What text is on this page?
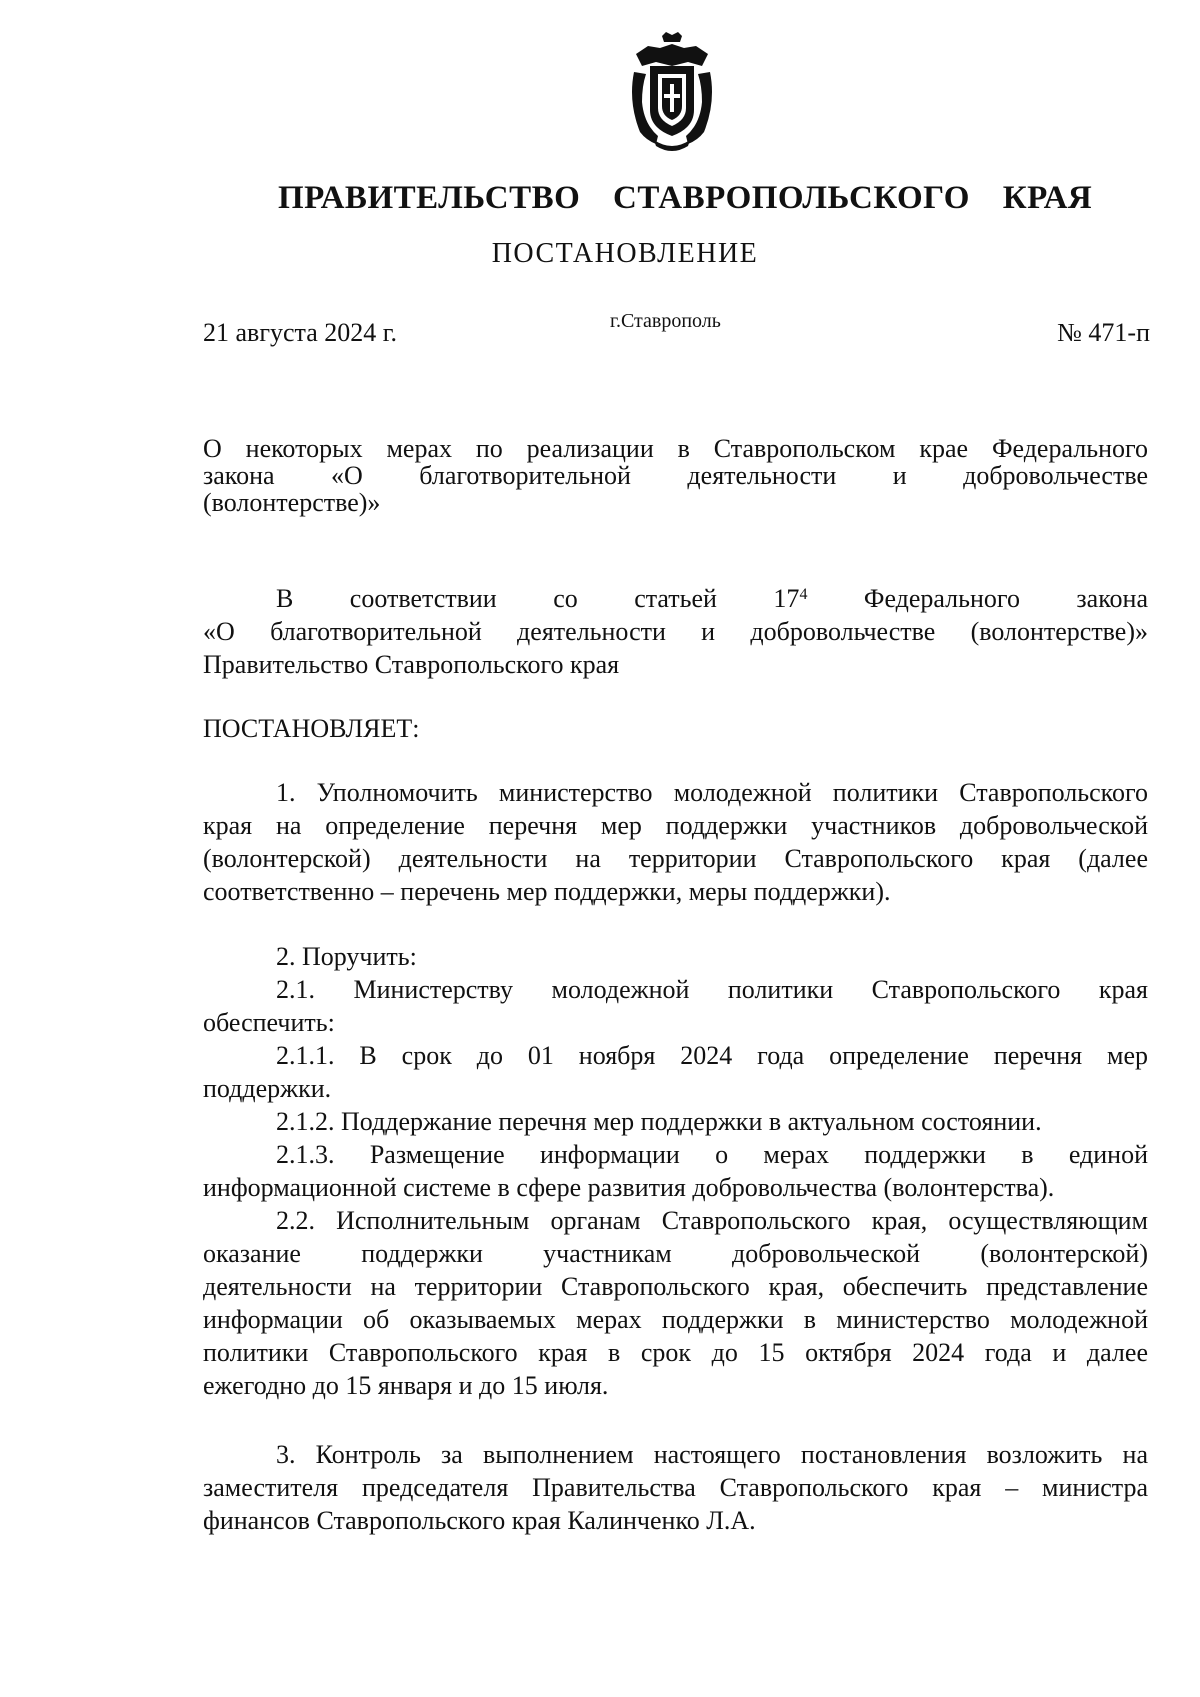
ПРАВИТЕЛЬСТВО СТАВРОПОЛЬСКОГО КРАЯ
ПОСТАНОВЛЕНИЕ
21 августа 2024 г.	г.Ставрополь	№ 471-п
О некоторых мерах по реализации в Ставропольском крае Федерального
закона «О благотворительной деятельности и добровольчестве
(волонтерстве)»
В соответствии со статьей $17^4$ Федерального закона
«О благотворительной деятельности и добровольчестве (волонтерстве)»
Правительство Ставропольского края
ПОСТАНОВЛЯЕТ:
1. Уполномочить министерство молодежной политики Ставропольского
края на определение перечня мер поддержки участников добровольческой
(волонтерской) деятельности на территории Ставропольского края (далее
соответственно – перечень мер поддержки, меры поддержки).
2. Поручить:
2.1. Министерству молодежной политики Ставропольского края
обеспечить:
2.1.1. В срок до 01 ноября 2024 года определение перечня мер
поддержки.
2.1.2. Поддержание перечня мер поддержки в актуальном состоянии.
2.1.3. Размещение информации о мерах поддержки в единой
информационной системе в сфере развития добровольчества (волонтерства).
2.2. Исполнительным органам Ставропольского края, осуществляющим
оказание поддержки участникам добровольческой (волонтерской)
деятельности на территории Ставропольского края, обеспечить представление
информации об оказываемых мерах поддержки в министерство молодежной
политики Ставропольского края в срок до 15 октября 2024 года и далее
ежегодно до 15 января и до 15 июля.
3. Контроль за выполнением настоящего постановления возложить на
заместителя председателя Правительства Ставропольского края – министра
финансов Ставропольского края Калинченко Л.А.
